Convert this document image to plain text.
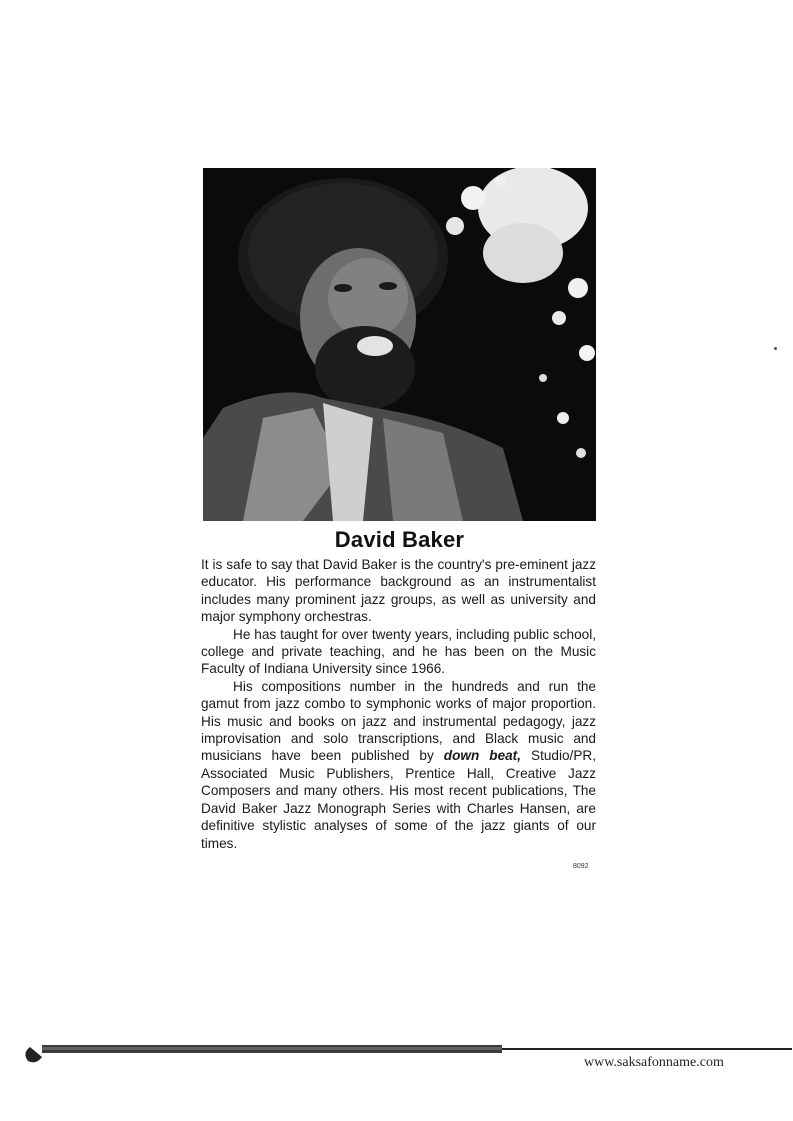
David Baker

It is safe to say that David Baker is the country's pre-eminent jazz educator. His performance background as an instrumentalist includes many prominent jazz groups, as well as university and major symphony orchestras.

He has taught for over twenty years, including public school, college and private teaching, and he has been on the Music Faculty of Indiana University since 1966.

His compositions number in the hundreds and run the gamut from jazz combo to symphonic works of major proportion. His music and books on jazz and instrumental pedagogy, jazz improvisation and solo transcriptions, and Black music and musicians have been published by down beat, Studio/PR, Associated Music Publishers, Prentice Hall, Creative Jazz Composers and many others. His most recent publications, The David Baker Jazz Monograph Series with Charles Hansen, are definitive stylistic analyses of some of the jazz giants of our times.

8092
www.saksafonname.com
